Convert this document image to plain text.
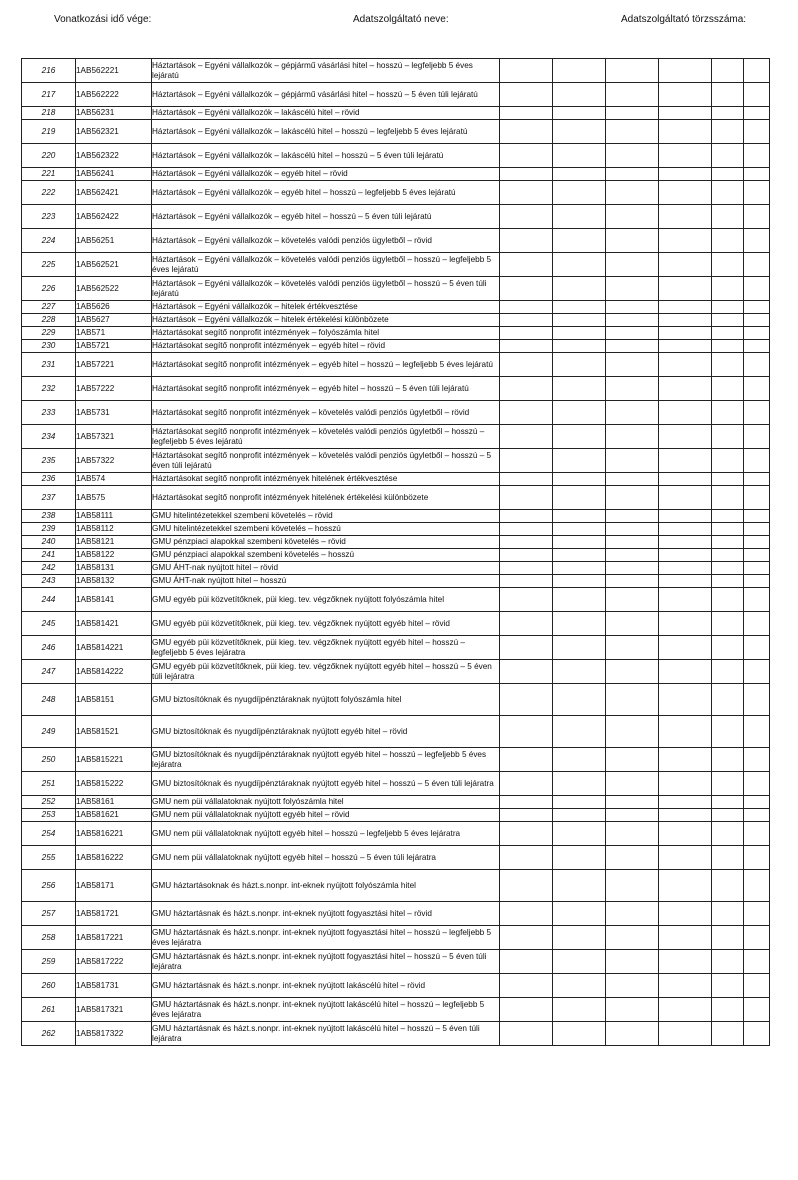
Vonatkozási idő vége:	Adatszolgáltató neve:	Adatszolgáltató törzsszáma:
216	1AB562221	Háztartások – Egyéni vállalkozók – gépjármű vásárlási hitel – hosszú – legfeljebb 5 éves lejáratú						
217	1AB562222	Háztartások – Egyéni vállalkozók – gépjármű vásárlási hitel – hosszú – 5 éven túli lejáratú						
218	1AB56231	Háztartások – Egyéni vállalkozók – lakáscélú hitel – rövid						
219	1AB562321	Háztartások – Egyéni vállalkozók – lakáscélú hitel – hosszú – legfeljebb 5 éves lejáratú						
220	1AB562322	Háztartások – Egyéni vállalkozók – lakáscélú hitel – hosszú – 5 éven túli lejáratú						
221	1AB56241	Háztartások – Egyéni vállalkozók – egyéb hitel – rövid						
222	1AB562421	Háztartások – Egyéni vállalkozók – egyéb hitel – hosszú – legfeljebb 5 éves lejáratú						
223	1AB562422	Háztartások – Egyéni vállalkozók – egyéb hitel – hosszú – 5 éven túli lejáratú						
224	1AB56251	Háztartások – Egyéni vállalkozók – követelés valódi penziós ügyletből – rövid						
225	1AB562521	Háztartások – Egyéni vállalkozók – követelés valódi penziós ügyletből – hosszú – legfeljebb 5 éves lejáratú						
226	1AB562522	Háztartások – Egyéni vállalkozók – követelés valódi penziós ügyletből – hosszú – 5 éven túli lejáratú						
227	1AB5626	Háztartások – Egyéni vállalkozók – hitelek értékvesztése						
228	1AB5627	Háztartások – Egyéni vállalkozók – hitelek értékelési különbözete						
229	1AB571	Háztartásokat segítő nonprofit intézmények – folyószámla hitel						
230	1AB5721	Háztartásokat segítő nonprofit intézmények – egyéb hitel – rövid						
231	1AB57221	Háztartásokat segítő nonprofit intézmények – egyéb hitel – hosszú – legfeljebb 5 éves lejáratú						
232	1AB57222	Háztartásokat segítő nonprofit intézmények – egyéb hitel – hosszú – 5 éven túli lejáratú						
233	1AB5731	Háztartásokat segítő nonprofit intézmények – követelés valódi penziós ügyletből – rövid						
234	1AB57321	Háztartásokat segítő nonprofit intézmények – követelés valódi penziós ügyletből – hosszú – legfeljebb 5 éves lejáratú						
235	1AB57322	Háztartásokat segítő nonprofit intézmények – követelés valódi penziós ügyletből – hosszú – 5 éven túli lejáratú						
236	1AB574	Háztartásokat segítő nonprofit intézmények hitelének értékvesztése						
237	1AB575	Háztartásokat segítő nonprofit intézmények hitelének értékelési különbözete						
238	1AB58111	GMU hitelintézetekkel szembeni követelés – rövid						
239	1AB58112	GMU hitelintézetekkel szembeni követelés – hosszú						
240	1AB58121	GMU pénzpiaci alapokkal szembeni követelés – rövid						
241	1AB58122	GMU pénzpiaci alapokkal szembeni követelés – hosszú						
242	1AB58131	GMU ÁHT-nak nyújtott hitel – rövid						
243	1AB58132	GMU ÁHT-nak nyújtott hitel – hosszú						
244	1AB58141	GMU egyéb püi közvetítőknek, püi kieg. tev. végzőknek nyújtott folyószámla hitel						
245	1AB581421	GMU egyéb püi közvetítőknek, püi kieg. tev. végzőknek nyújtott egyéb hitel – rövid						
246	1AB5814221	GMU egyéb püi közvetítőknek, püi kieg. tev. végzőknek nyújtott egyéb hitel – hosszú – legfeljebb 5 éves lejáratra						
247	1AB5814222	GMU egyéb püi közvetítőknek, püi kieg. tev. végzőknek nyújtott egyéb hitel – hosszú – 5 éven túli lejáratra						
248	1AB58151	GMU biztosítóknak és nyugdíjpénztáraknak nyújtott folyószámla hitel						
249	1AB581521	GMU biztosítóknak és nyugdíjpénztáraknak nyújtott egyéb hitel – rövid						
250	1AB5815221	GMU biztosítóknak és nyugdíjpénztáraknak nyújtott egyéb hitel – hosszú – legfeljebb 5 éves lejáratra						
251	1AB5815222	GMU biztosítóknak és nyugdíjpénztáraknak nyújtott egyéb hitel – hosszú – 5 éven túli lejáratra						
252	1AB58161	GMU nem püi vállalatoknak nyújtott folyószámla hitel						
253	1AB581621	GMU nem püi vállalatoknak nyújtott egyéb hitel – rövid						
254	1AB5816221	GMU nem püi vállalatoknak nyújtott egyéb hitel – hosszú – legfeljebb 5 éves lejáratra						
255	1AB5816222	GMU nem püi vállalatoknak nyújtott egyéb hitel – hosszú – 5 éven túli lejáratra						
256	1AB58171	GMU háztartásoknak és házt.s.nonpr. int-eknek nyújtott folyószámla hitel						
257	1AB581721	GMU háztartásnak és házt.s.nonpr. int-eknek nyújtott fogyasztási hitel – rövid						
258	1AB5817221	GMU háztartásnak és házt.s.nonpr. int-eknek nyújtott fogyasztási hitel – hosszú – legfeljebb 5 éves lejáratra						
259	1AB5817222	GMU háztartásnak és házt.s.nonpr. int-eknek nyújtott fogyasztási hitel – hosszú – 5 éven túli lejáratra						
260	1AB581731	GMU háztartásnak és házt.s.nonpr. int-eknek nyújtott lakáscélú hitel – rövid						
261	1AB5817321	GMU háztartásnak és házt.s.nonpr. int-eknek nyújtott lakáscélú hitel – hosszú – legfeljebb 5 éves lejáratra						
262	1AB5817322	GMU háztartásnak és házt.s.nonpr. int-eknek nyújtott lakáscélú hitel – hosszú – 5 éven túli lejáratra						
